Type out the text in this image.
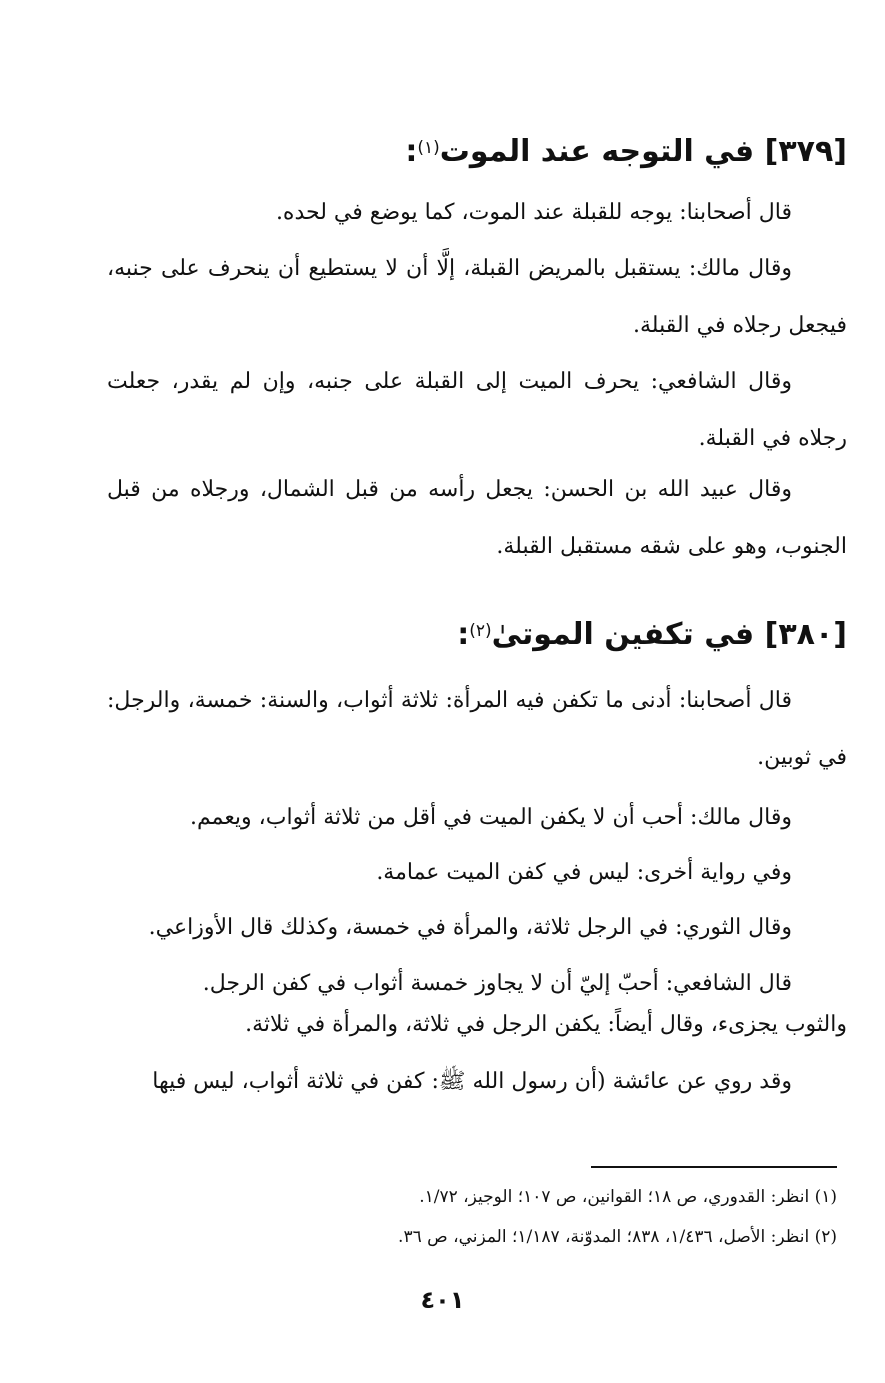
[٣٧٩] في التوجه عند الموت$^{(١)}$:
قال أصحابنا: يوجه للقبلة عند الموت، كما يوضع في لحده.
وقال مالك: يستقبل بالمريض القبلة، إلَّا أن لا يستطيع أن ينحرف على جنبه، فيجعل رجلاه في القبلة.
وقال الشافعي: يحرف الميت إلى القبلة على جنبه، وإن لم يقدر، جعلت رجلاه في القبلة.
وقال عبيد الله بن الحسن: يجعل رأسه من قبل الشمال، ورجلاه من قبل الجنوب، وهو على شقه مستقبل القبلة.
[٣٨٠] في تكفين الموتىٰ$^{(٢)}$:
قال أصحابنا: أدنى ما تكفن فيه المرأة: ثلاثة أثواب، والسنة: خمسة، والرجل: في ثوبين.
وقال مالك: أحب أن لا يكفن الميت في أقل من ثلاثة أثواب، ويعمم.
وفي رواية أخرى: ليس في كفن الميت عمامة.
وقال الثوري: في الرجل ثلاثة، والمرأة في خمسة، وكذلك قال الأوزاعي.
قال الشافعي: أحبّ إليّ أن لا يجاوز خمسة أثواب في كفن الرجل.
والثوب يجزىء، وقال أيضاً: يكفن الرجل في ثلاثة، والمرأة في ثلاثة.
وقد روي عن عائشة (أن رسول الله ﷺ: كفن في ثلاثة أثواب، ليس فيها
(١) انظر: القدوري، ص ١٨؛ القوانين، ص ١٠٧؛ الوجيز، ١/٧٢.
(٢) انظر: الأصل، ١/٤٣٦، ٨٣٨؛ المدوّنة، ١/١٨٧؛ المزني، ص ٣٦.
٤٠١
